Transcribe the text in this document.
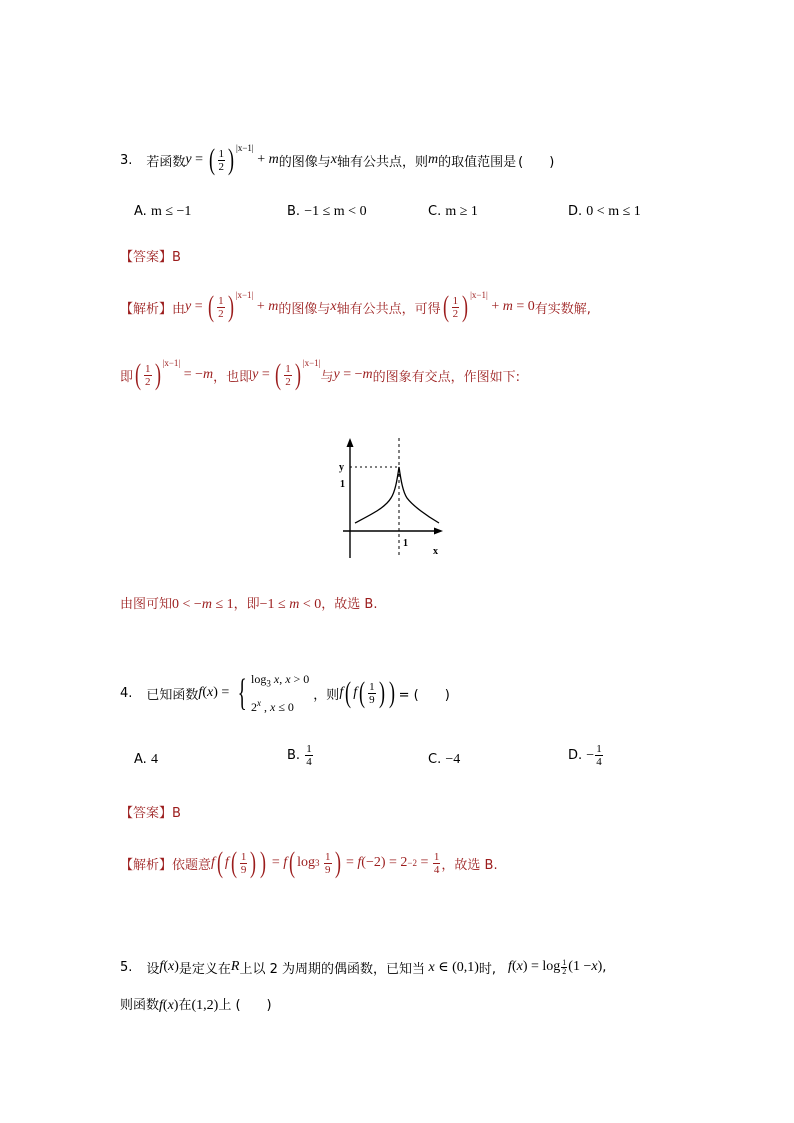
3. 若函数 y = ( 1
2 ) |x−1|
+ m 的图像与 x 轴有公共点，则 m 的取值范围是 (　　)
A. m ≤ −1	B. −1 ≤ m < 0	C. m ≥ 1	D. 0 < m ≤ 1
【答案】B
【解析】 由 y = ( 1
2 ) |x−1|
+ m 的图像与 x 轴有公共点，可得 ( 1
2 ) |x−1|
+ m = 0 有实数解,
即 ( 1
2 ) |x−1|
= − m ，也即 y = ( 1
2 ) |x−1|
与 y = −m 的图象有交点，作图如下:
y
1
1
x
由图可知0 < −m ≤ 1，即−1 ≤ m < 0，故选 B.
4. 已知函数 f ( x ) = { $\log_3 x$, x > 0
2$^x$ , x ≤ 0
，则 f ( f ( 1
9 ) ) = (　　)
A. 4	B.
1
4	C. −4	D.
− $\frac{1}{4}$
【答案】B
【解析】 依题意 f ( f ( 1
9 ) ) = f ( log 3

1
9 ) = f (−2) = 2 −2 = 1
4 ，故选 B.
5. 设 f(x) 是定义在 R 上以 2 为周期的偶函数，已知当 x ∈ (0,1) 时, f ( x ) = $\log \frac{1}{2} (1 - x$ ) ,
则函数f(x)在(1,2)上 (　　)
